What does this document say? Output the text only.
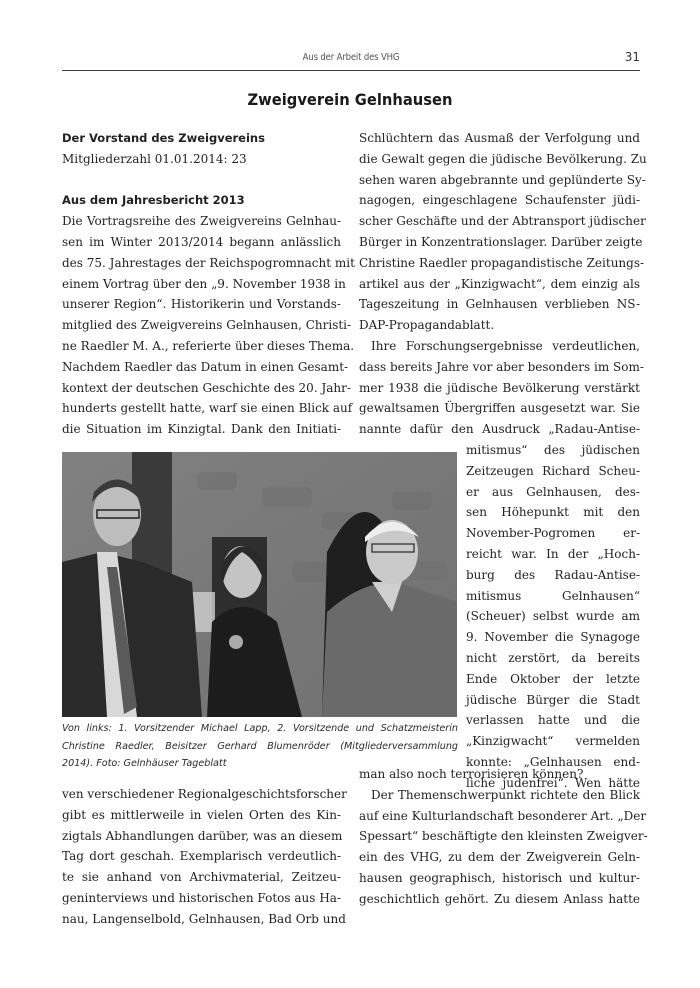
Aus der Arbeit des VHG	31
Zweigverein Gelnhausen
Der Vorstand des Zweigvereins
Mitgliederzahl 01.01.2014: 23
Aus dem Jahresbericht 2013
Die Vortragsreihe des Zweigvereins Gelnhau-
sen im Winter 2013/2014 begann anlässlich
des 75. Jahrestages der Reichspogromnacht mit
einem Vortrag über den „9. November 1938 in
unserer Region“. Historikerin und Vorstands-
mitglied des Zweigvereins Gelnhausen, Christi-
ne Raedler M. A., referierte über dieses Thema.
Nachdem Raedler das Datum in einen Gesamt-
kontext der deutschen Geschichte des 20. Jahr-
hunderts gestellt hatte, warf sie einen Blick auf
die Situation im Kinzigtal. Dank den Initiati-
Schlüchtern das Ausmaß der Verfolgung und
die Gewalt gegen die jüdische Bevölkerung. Zu
sehen waren abgebrannte und geplünderte Sy-
nagogen, eingeschlagene Schaufenster jüdi-
scher Geschäfte und der Abtransport jüdischer
Bürger in Konzentrationslager. Darüber zeigte
Christine Raedler propagandistische Zeitungs-
artikel aus der „Kinzigwacht“, dem einzig als
Tageszeitung in Gelnhausen verblieben NS-
DAP-Propagandablatt.
Ihre Forschungsergebnisse verdeutlichen,
dass bereits Jahre vor aber besonders im Som-
mer 1938 die jüdische Bevölkerung verstärkt
gewaltsamen Übergriffen ausgesetzt war. Sie
nannte dafür den Ausdruck „Radau-Antise-
mitismus“ des jüdischen
Zeitzeugen Richard Scheu-
er aus Gelnhausen, des-
sen Höhepunkt mit den
November-Pogromen er-
reicht war. In der „Hoch-
burg des Radau-Antise-
mitismus Gelnhausen“
(Scheuer) selbst wurde am
9. November die Synagoge
nicht zerstört, da bereits
Ende Oktober der letzte
jüdische Bürger die Stadt
verlassen hatte und die
„Kinzigwacht“ vermelden
konnte: „Gelnhausen end-
liche judenfrei“. Wen hätte
Von links: 1. Vorsitzender Michael Lapp, 2. Vorsitzende und Schatzmeisterin
Christine Raedler, Beisitzer Gerhard Blumenröder (Mitgliederversammlung
2014). Foto: Gelnhäuser Tageblatt
ven verschiedener Regionalgeschichtsforscher
gibt es mittlerweile in vielen Orten des Kin-
zigtals Abhandlungen darüber, was an diesem
Tag dort geschah. Exemplarisch verdeutlich-
te sie anhand von Archivmaterial, Zeitzeu-
geninterviews und historischen Fotos aus Ha-
nau, Langenselbold, Gelnhausen, Bad Orb und
man also noch terrorisieren können?
Der Themenschwerpunkt richtete den Blick
auf eine Kulturlandschaft besonderer Art. „Der
Spessart“ beschäftigte den kleinsten Zweigver-
ein des VHG, zu dem der Zweigverein Geln-
hausen geographisch, historisch und kultur-
geschichtlich gehört. Zu diesem Anlass hatte
